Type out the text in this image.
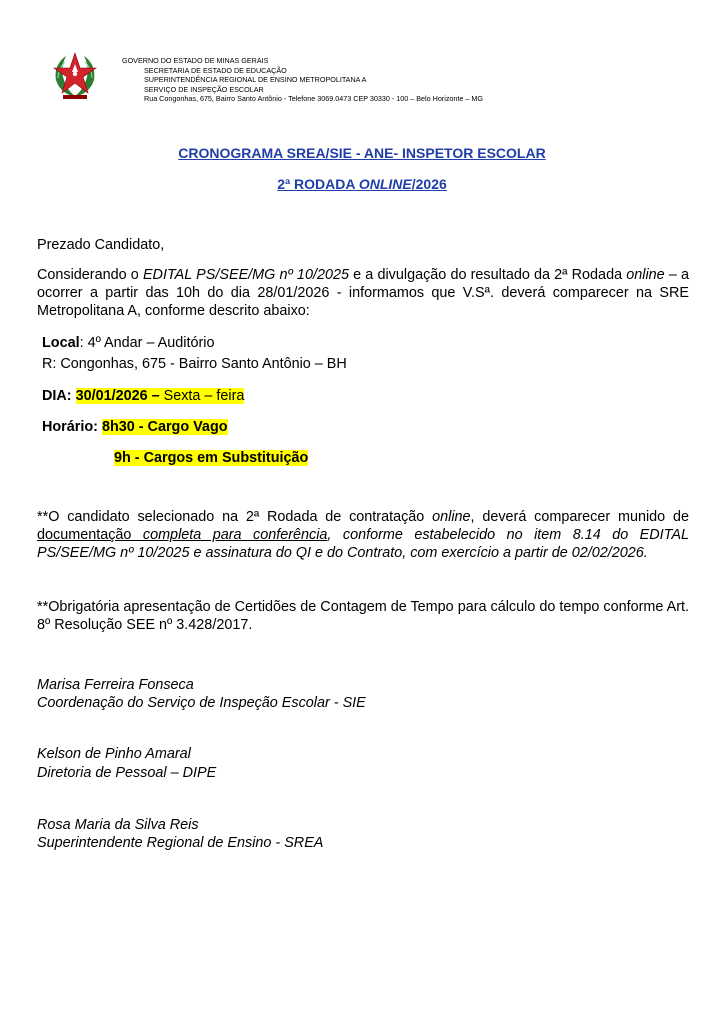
GOVERNO DO ESTADO DE MINAS GERAIS
SECRETARIA DE ESTADO DE EDUCAÇÃO
SUPERINTENDÊNCIA REGIONAL DE ENSINO METROPOLITANA A
SERVIÇO DE INSPEÇÃO ESCOLAR
Rua Congonhas, 675, Bairro Santo Antônio - Telefone 3069.0473 CEP 30330 - 100 – Belo Horizonte – MG
CRONOGRAMA SREA/SIE - ANE- INSPETOR ESCOLAR
2ª RODADA ONLINE/2026
Prezado Candidato,
Considerando o EDITAL PS/SEE/MG nº 10/2025 e a divulgação do resultado da 2ª Rodada online – a ocorrer a partir das 10h do dia 28/01/2026 - informamos que V.Sª. deverá comparecer na SRE Metropolitana A, conforme descrito abaixo:
Local: 4º Andar – Auditório
R: Congonhas, 675 - Bairro Santo Antônio – BH
DIA: 30/01/2026 – Sexta – feira
Horário: 8h30 - Cargo Vago
9h - Cargos em Substituição
**O candidato selecionado na 2ª Rodada de contratação online, deverá comparecer munido de documentação completa para conferência, conforme estabelecido no item 8.14 do EDITAL PS/SEE/MG nº 10/2025 e assinatura do QI e do Contrato, com exercício a partir de 02/02/2026.
**Obrigatória apresentação de Certidões de Contagem de Tempo para cálculo do tempo conforme Art. 8º Resolução SEE nº 3.428/2017.
Marisa Ferreira Fonseca
Coordenação do Serviço de Inspeção Escolar - SIE
Kelson de Pinho Amaral
Diretoria de Pessoal – DIPE
Rosa Maria da Silva Reis
Superintendente Regional de Ensino - SREA
